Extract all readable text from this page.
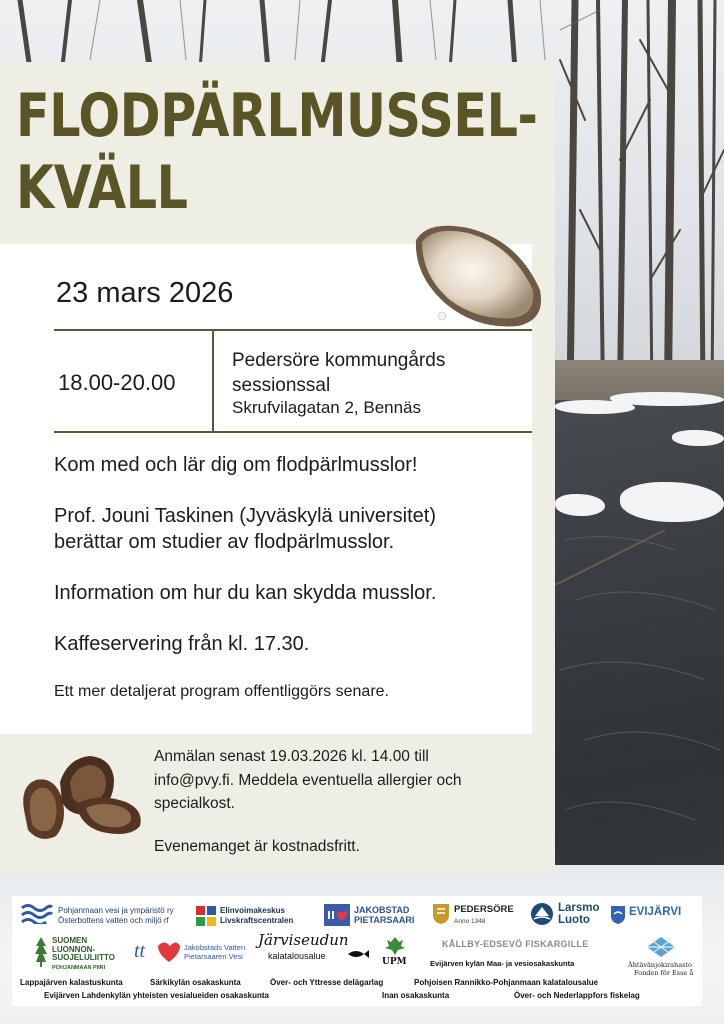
FLODPÄRLMUSSEL-
KVÄLL
23 mars 2026
18.00-20.00
Pedersöre kommungårds
sessionssal
Skrufvilagatan 2, Bennäs

Kom med och lär dig om flodpärlmusslor!

Prof. Jouni Taskinen (Jyväskylä universitet)
berättar om studier av flodpärlmusslor.

Information om hur du kan skydda musslor.

Kaffeservering från kl. 17.30.

Ett mer detaljerat program offentliggörs senare.

Anmälan senast 19.03.2026 kl. 14.00 till
info@pvy.fi. Meddela eventuella allergier och
specialkost.

Evenemanget är kostnadsfritt.
Pohjanmaan vesi ja ympäristö ry
Österbottens vatten och miljö rf
Elinvoimakeskus
Livskraftscentralen
JAKOBSTAD
PIETARSAARI
PEDERSÖRE
Anno 1348
Larsmo
Luoto
EVIJÄRVI
SUOMEN
LUONNON-
SUOJELULIITTO
POHJANMAAN PIIRI
tt	Jakobstads Vatten
Pietarsaaren Vesi
Järviseudun
kalatalousalue
UPM
KÅLLBY-EDSEVÖ FISKARGILLE
Evijärven kylän Maa- ja vesiosakaskunta	Ähtävänjokirahasto
Fonden för Esse å
Lappajärven kalastuskunta	Särkikylän osakaskunta	Över- och Yttresse delägarlag	Pohjoisen Rannikko-Pohjanmaan kalatalousalue
Evijärven Lahdenkylän yhteisten vesialueiden osakaskunta	Inan osakaskunta	Över- och Nederlappfors fiskelag
